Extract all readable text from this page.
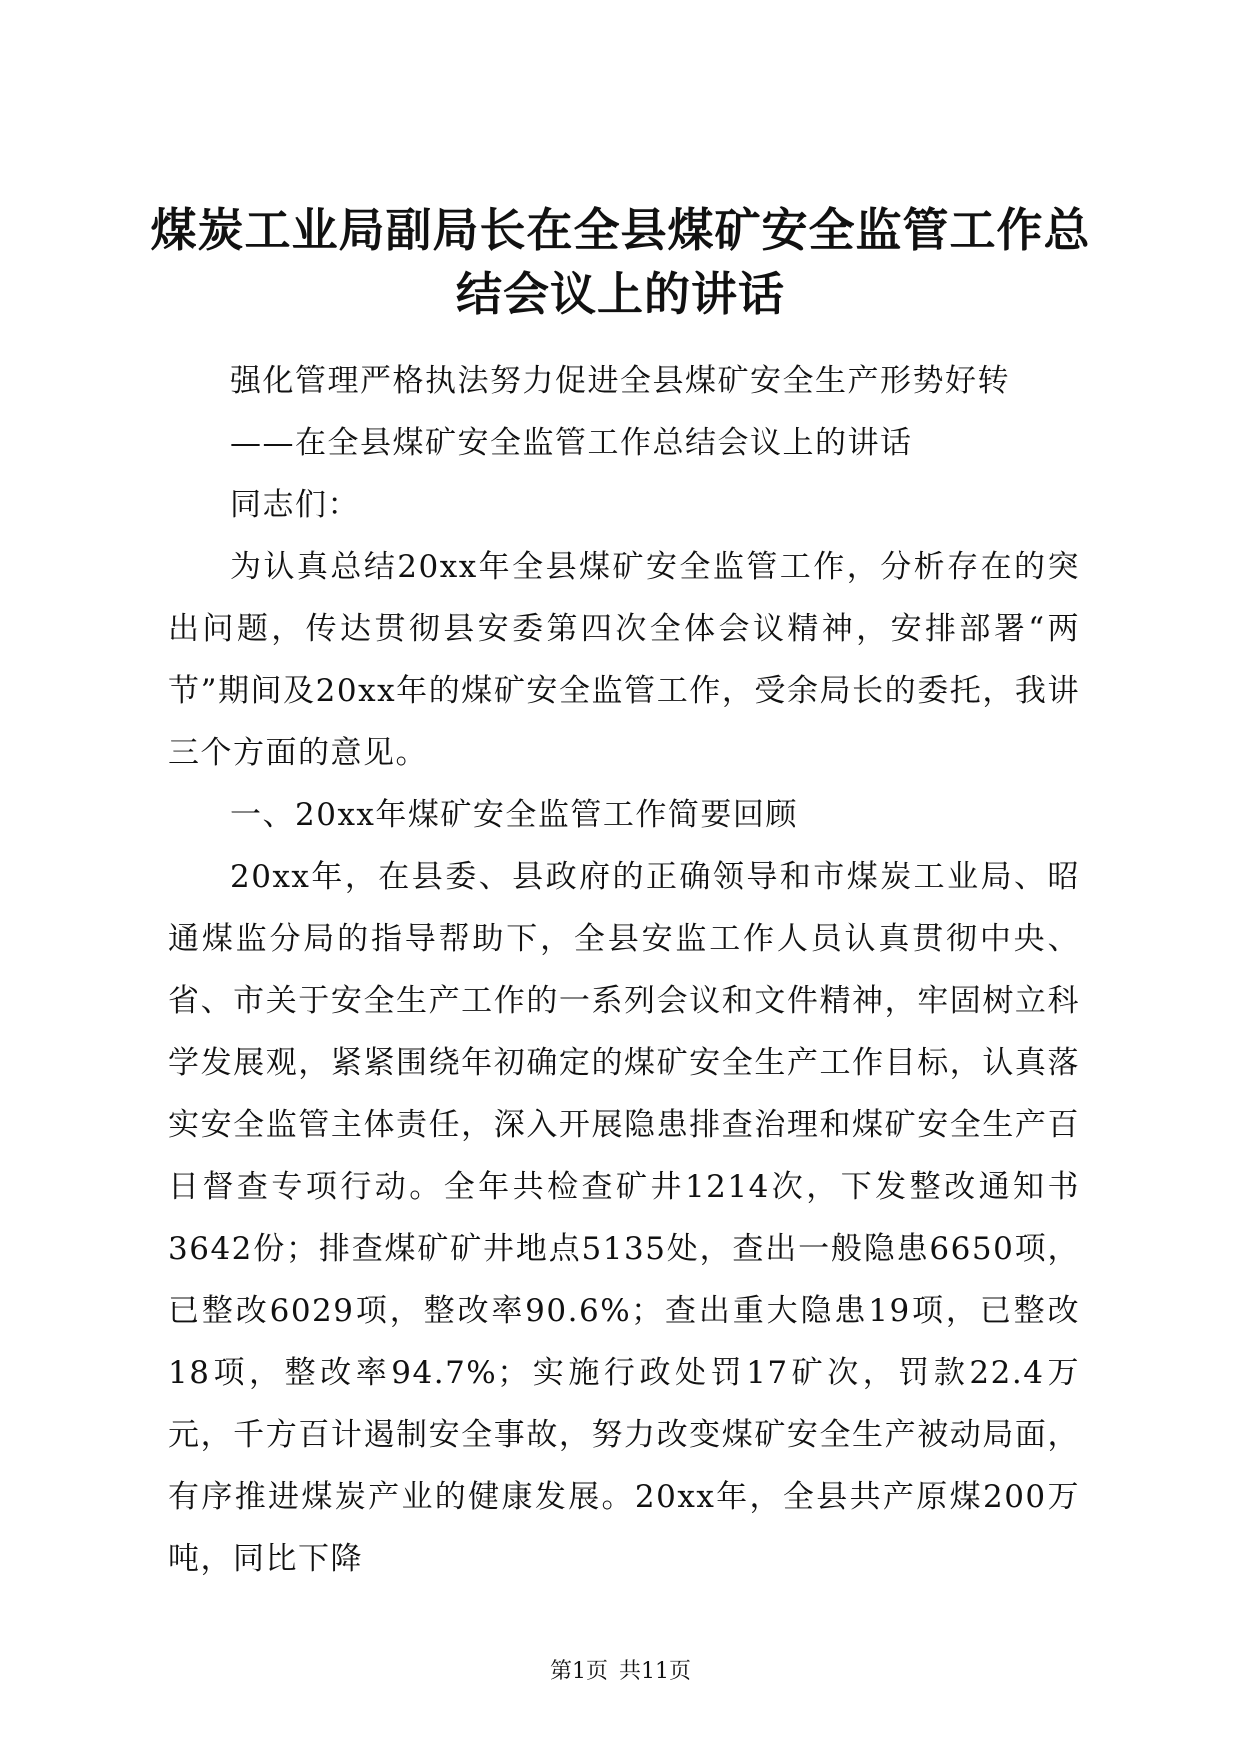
煤炭工业局副局长在全县煤矿安全监管工作总
结会议上的讲话

强化管理严格执法努力促进全县煤矿安全生产形势好转

——在全县煤矿安全监管工作总结会议上的讲话

同志们：

为认真总结20xx年全县煤矿安全监管工作，分析存在的突出问题，传达贯彻县安委第四次全体会议精神，安排部署“两节”期间及20xx年的煤矿安全监管工作，受余局长的委托，我讲三个方面的意见。

一、20xx年煤矿安全监管工作简要回顾

20xx年，在县委、县政府的正确领导和市煤炭工业局、昭通煤监分局的指导帮助下，全县安监工作人员认真贯彻中央、省、市关于安全生产工作的一系列会议和文件精神，牢固树立科学发展观，紧紧围绕年初确定的煤矿安全生产工作目标，认真落实安全监管主体责任，深入开展隐患排查治理和煤矿安全生产百日督查专项行动。全年共检查矿井1214次，下发整改通知书3642份；排查煤矿矿井地点5135处，查出一般隐患6650项，已整改6029项，整改率90.6%；查出重大隐患19项，已整改18项，整改率94.7%；实施行政处罚17矿次，罚款22.4万元，千方百计遏制安全事故，努力改变煤矿安全生产被动局面，有序推进煤炭产业的健康发展。20xx年，全县共产原煤200万吨，同比下降

第1页 共11页
